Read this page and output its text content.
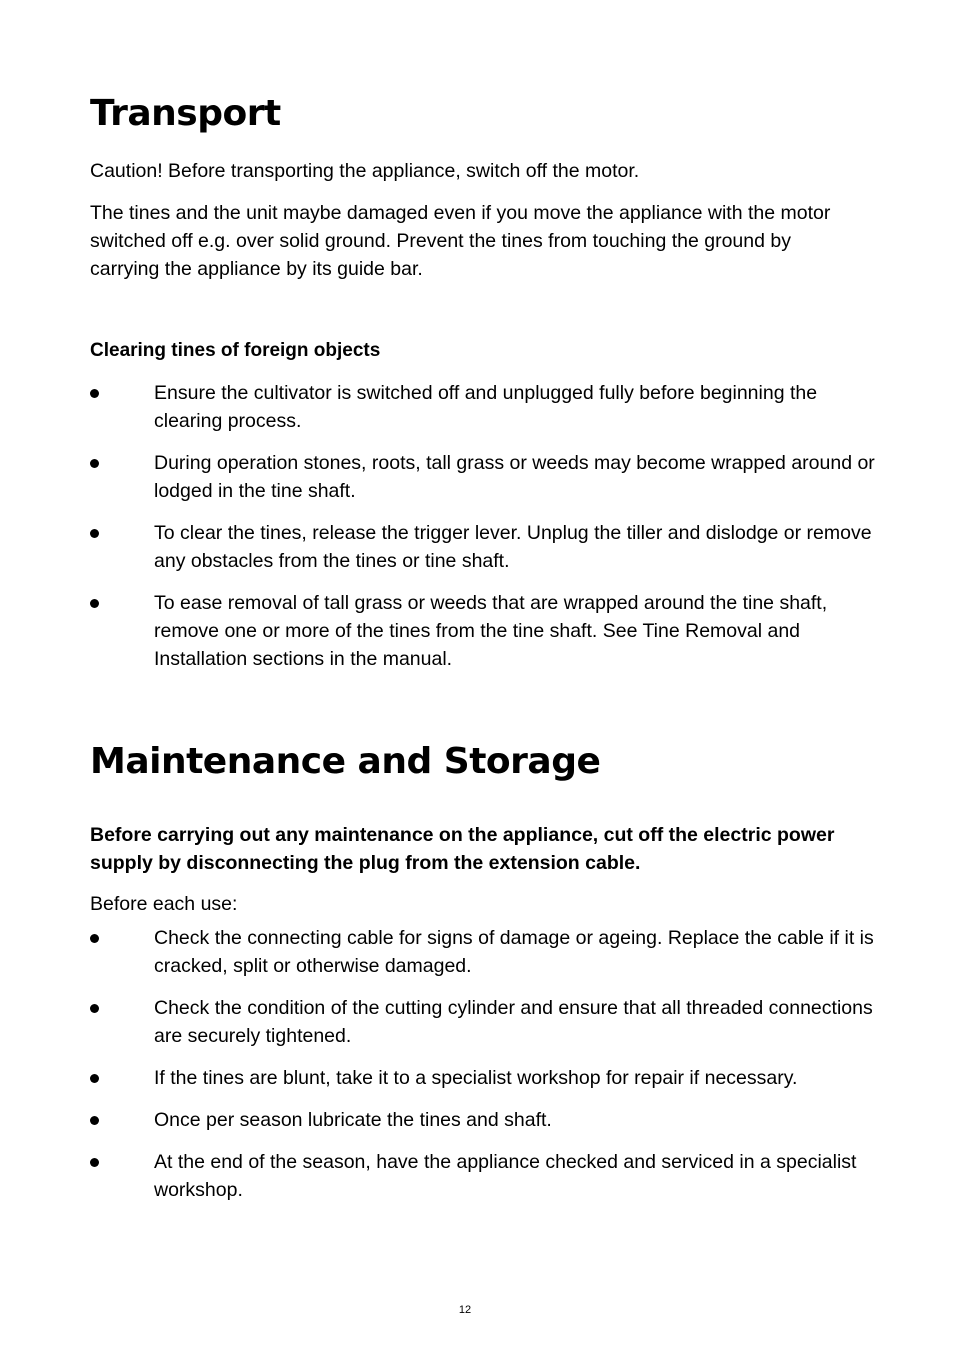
Transport

Caution! Before transporting the appliance, switch off the motor.

The tines and the unit maybe damaged even if you move the appliance with the motor switched off e.g. over solid ground. Prevent the tines from touching the ground by carrying the appliance by its guide bar.

Clearing tines of foreign objects
Ensure the cultivator is switched off and unplugged fully before beginning the clearing process.
During operation stones, roots, tall grass or weeds may become wrapped around or lodged in the tine shaft.
To clear the tines, release the trigger lever. Unplug the tiller and dislodge or remove any obstacles from the tines or tine shaft.
To ease removal of tall grass or weeds that are wrapped around the tine shaft, remove one or more of the tines from the tine shaft. See Tine Removal and Installation sections in the manual.
Maintenance and Storage

Before carrying out any maintenance on the appliance, cut off the electric power supply by disconnecting the plug from the extension cable.

Before each use:

Check the connecting cable for signs of damage or ageing. Replace the cable if it is cracked, split or otherwise damaged.
Check the condition of the cutting cylinder and ensure that all threaded connections are securely tightened.
If the tines are blunt, take it to a specialist workshop for repair if necessary.
Once per season lubricate the tines and shaft.
At the end of the season, have the appliance checked and serviced in a specialist workshop.
12
